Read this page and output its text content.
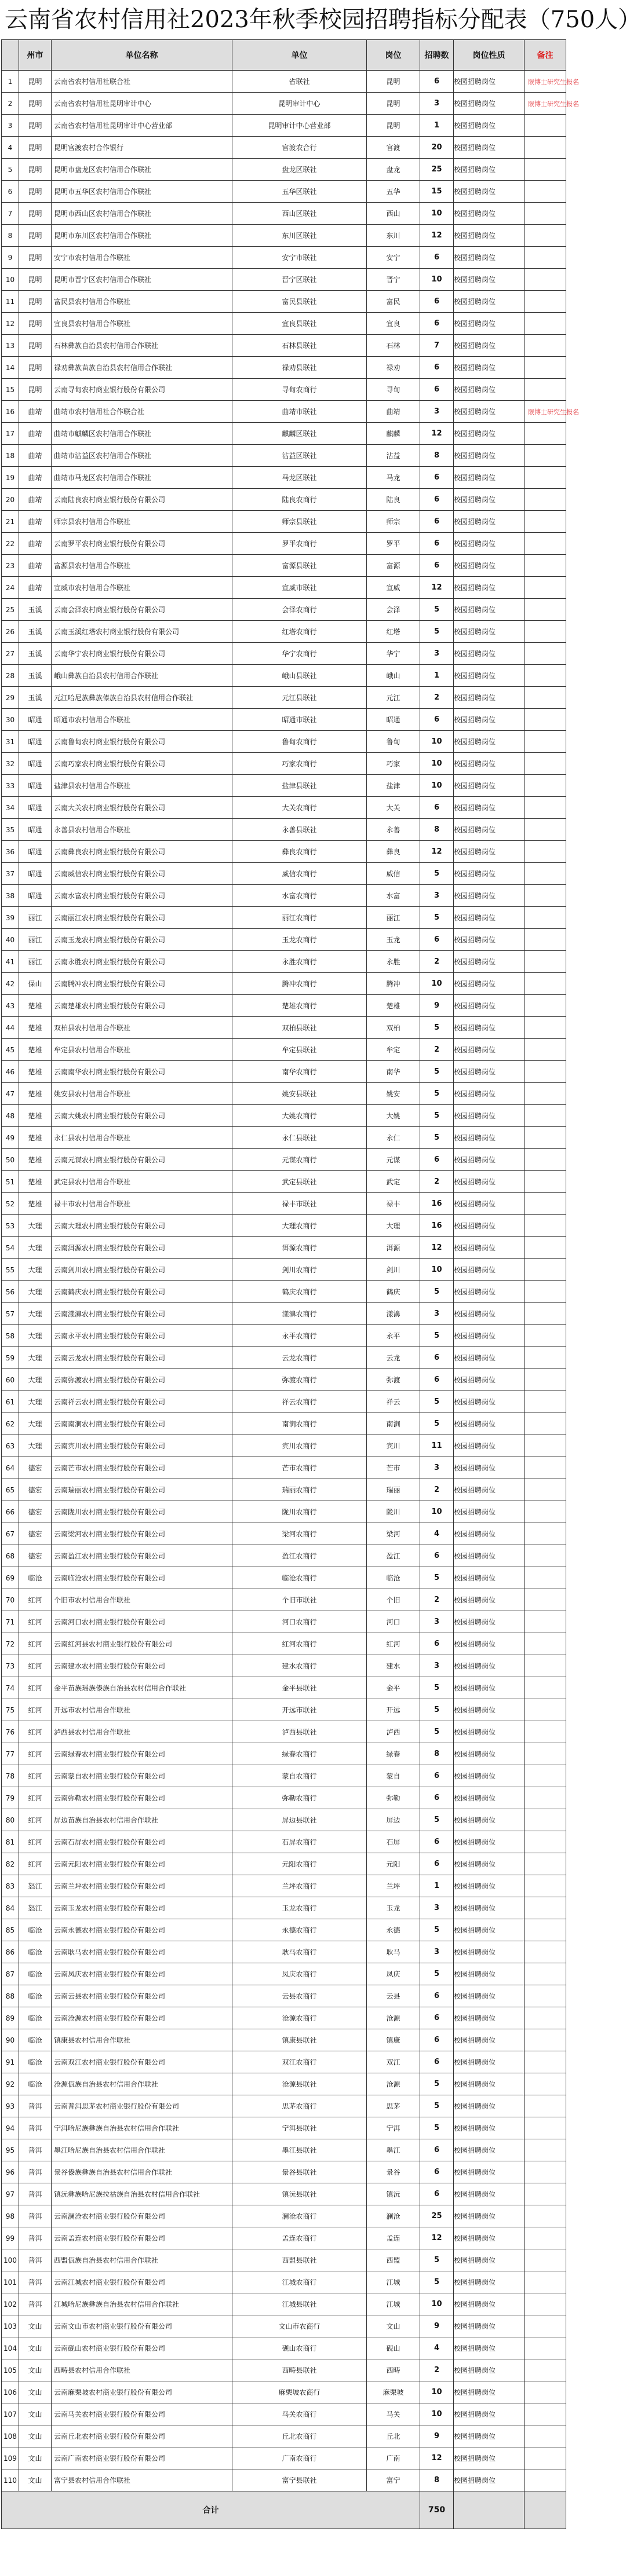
云南省农村信用社2023年秋季校园招聘指标分配表（750人）
	州市	单位名称	单位	岗位	招聘数	岗位性质	备注
1	昆明	云南省农村信用社联合社	省联社	昆明	6	校园招聘岗位	限博士研究生报名
2	昆明	云南省农村信用社昆明审计中心	昆明审计中心	昆明	3	校园招聘岗位	限博士研究生报名
3	昆明	云南省农村信用社昆明审计中心营业部	昆明审计中心营业部	昆明	1	校园招聘岗位	
4	昆明	昆明官渡农村合作银行	官渡农合行	官渡	20	校园招聘岗位	
5	昆明	昆明市盘龙区农村信用合作联社	盘龙区联社	盘龙	25	校园招聘岗位	
6	昆明	昆明市五华区农村信用合作联社	五华区联社	五华	15	校园招聘岗位	
7	昆明	昆明市西山区农村信用合作联社	西山区联社	西山	10	校园招聘岗位	
8	昆明	昆明市东川区农村信用合作联社	东川区联社	东川	12	校园招聘岗位	
9	昆明	安宁市农村信用合作联社	安宁市联社	安宁	6	校园招聘岗位	
10	昆明	昆明市晋宁区农村信用合作联社	晋宁区联社	晋宁	10	校园招聘岗位	
11	昆明	富民县农村信用合作联社	富民县联社	富民	6	校园招聘岗位	
12	昆明	宜良县农村信用合作联社	宜良县联社	宜良	6	校园招聘岗位	
13	昆明	石林彝族自治县农村信用合作联社	石林县联社	石林	7	校园招聘岗位	
14	昆明	禄劝彝族苗族自治县农村信用合作联社	禄劝县联社	禄劝	6	校园招聘岗位	
15	昆明	云南寻甸农村商业银行股份有限公司	寻甸农商行	寻甸	6	校园招聘岗位	
16	曲靖	曲靖市农村信用社合作联合社	曲靖市联社	曲靖	3	校园招聘岗位	限博士研究生报名
17	曲靖	曲靖市麒麟区农村信用合作联社	麒麟区联社	麒麟	12	校园招聘岗位	
18	曲靖	曲靖市沾益区农村信用合作联社	沾益区联社	沾益	8	校园招聘岗位	
19	曲靖	曲靖市马龙区农村信用合作联社	马龙区联社	马龙	6	校园招聘岗位	
20	曲靖	云南陆良农村商业银行股份有限公司	陆良农商行	陆良	6	校园招聘岗位	
21	曲靖	师宗县农村信用合作联社	师宗县联社	师宗	6	校园招聘岗位	
22	曲靖	云南罗平农村商业银行股份有限公司	罗平农商行	罗平	6	校园招聘岗位	
23	曲靖	富源县农村信用合作联社	富源县联社	富源	6	校园招聘岗位	
24	曲靖	宣威市农村信用合作联社	宣威市联社	宣威	12	校园招聘岗位	
25	玉溪	云南会泽农村商业银行股份有限公司	会泽农商行	会泽	5	校园招聘岗位	
26	玉溪	云南玉溪红塔农村商业银行股份有限公司	红塔农商行	红塔	5	校园招聘岗位	
27	玉溪	云南华宁农村商业银行股份有限公司	华宁农商行	华宁	3	校园招聘岗位	
28	玉溪	峨山彝族自治县农村信用合作联社	峨山县联社	峨山	1	校园招聘岗位	
29	玉溪	元江哈尼族彝族傣族自治县农村信用合作联社	元江县联社	元江	2	校园招聘岗位	
30	昭通	昭通市农村信用合作联社	昭通市联社	昭通	6	校园招聘岗位	
31	昭通	云南鲁甸农村商业银行股份有限公司	鲁甸农商行	鲁甸	10	校园招聘岗位	
32	昭通	云南巧家农村商业银行股份有限公司	巧家农商行	巧家	10	校园招聘岗位	
33	昭通	盐津县农村信用合作联社	盐津县联社	盐津	10	校园招聘岗位	
34	昭通	云南大关农村商业银行股份有限公司	大关农商行	大关	6	校园招聘岗位	
35	昭通	永善县农村信用合作联社	永善县联社	永善	8	校园招聘岗位	
36	昭通	云南彝良农村商业银行股份有限公司	彝良农商行	彝良	12	校园招聘岗位	
37	昭通	云南威信农村商业银行股份有限公司	威信农商行	威信	5	校园招聘岗位	
38	昭通	云南水富农村商业银行股份有限公司	水富农商行	水富	3	校园招聘岗位	
39	丽江	云南丽江农村商业银行股份有限公司	丽江农商行	丽江	5	校园招聘岗位	
40	丽江	云南玉龙农村商业银行股份有限公司	玉龙农商行	玉龙	6	校园招聘岗位	
41	丽江	云南永胜农村商业银行股份有限公司	永胜农商行	永胜	2	校园招聘岗位	
42	保山	云南腾冲农村商业银行股份有限公司	腾冲农商行	腾冲	10	校园招聘岗位	
43	楚雄	云南楚雄农村商业银行股份有限公司	楚雄农商行	楚雄	9	校园招聘岗位	
44	楚雄	双柏县农村信用合作联社	双柏县联社	双柏	5	校园招聘岗位	
45	楚雄	牟定县农村信用合作联社	牟定县联社	牟定	2	校园招聘岗位	
46	楚雄	云南南华农村商业银行股份有限公司	南华农商行	南华	5	校园招聘岗位	
47	楚雄	姚安县农村信用合作联社	姚安县联社	姚安	5	校园招聘岗位	
48	楚雄	云南大姚农村商业银行股份有限公司	大姚农商行	大姚	5	校园招聘岗位	
49	楚雄	永仁县农村信用合作联社	永仁县联社	永仁	5	校园招聘岗位	
50	楚雄	云南元谋农村商业银行股份有限公司	元谋农商行	元谋	6	校园招聘岗位	
51	楚雄	武定县农村信用合作联社	武定县联社	武定	2	校园招聘岗位	
52	楚雄	禄丰市农村信用合作联社	禄丰市联社	禄丰	16	校园招聘岗位	
53	大理	云南大理农村商业银行股份有限公司	大理农商行	大理	16	校园招聘岗位	
54	大理	云南洱源农村商业银行股份有限公司	洱源农商行	洱源	12	校园招聘岗位	
55	大理	云南剑川农村商业银行股份有限公司	剑川农商行	剑川	10	校园招聘岗位	
56	大理	云南鹤庆农村商业银行股份有限公司	鹤庆农商行	鹤庆	5	校园招聘岗位	
57	大理	云南漾濞农村商业银行股份有限公司	漾濞农商行	漾濞	3	校园招聘岗位	
58	大理	云南永平农村商业银行股份有限公司	永平农商行	永平	5	校园招聘岗位	
59	大理	云南云龙农村商业银行股份有限公司	云龙农商行	云龙	6	校园招聘岗位	
60	大理	云南弥渡农村商业银行股份有限公司	弥渡农商行	弥渡	6	校园招聘岗位	
61	大理	云南祥云农村商业银行股份有限公司	祥云农商行	祥云	5	校园招聘岗位	
62	大理	云南南涧农村商业银行股份有限公司	南涧农商行	南涧	5	校园招聘岗位	
63	大理	云南宾川农村商业银行股份有限公司	宾川农商行	宾川	11	校园招聘岗位	
64	德宏	云南芒市农村商业银行股份有限公司	芒市农商行	芒市	3	校园招聘岗位	
65	德宏	云南瑞丽农村商业银行股份有限公司	瑞丽农商行	瑞丽	2	校园招聘岗位	
66	德宏	云南陇川农村商业银行股份有限公司	陇川农商行	陇川	10	校园招聘岗位	
67	德宏	云南梁河农村商业银行股份有限公司	梁河农商行	梁河	4	校园招聘岗位	
68	德宏	云南盈江农村商业银行股份有限公司	盈江农商行	盈江	6	校园招聘岗位	
69	临沧	云南临沧农村商业银行股份有限公司	临沧农商行	临沧	5	校园招聘岗位	
70	红河	个旧市农村信用合作联社	个旧市联社	个旧	2	校园招聘岗位	
71	红河	云南河口农村商业银行股份有限公司	河口农商行	河口	3	校园招聘岗位	
72	红河	云南红河县农村商业银行股份有限公司	红河农商行	红河	6	校园招聘岗位	
73	红河	云南建水农村商业银行股份有限公司	建水农商行	建水	3	校园招聘岗位	
74	红河	金平苗族瑶族傣族自治县农村信用合作联社	金平县联社	金平	5	校园招聘岗位	
75	红河	开远市农村信用合作联社	开远市联社	开远	5	校园招聘岗位	
76	红河	泸西县农村信用合作联社	泸西县联社	泸西	5	校园招聘岗位	
77	红河	云南绿春农村商业银行股份有限公司	绿春农商行	绿春	8	校园招聘岗位	
78	红河	云南蒙自农村商业银行股份有限公司	蒙自农商行	蒙自	6	校园招聘岗位	
79	红河	云南弥勒农村商业银行股份有限公司	弥勒农商行	弥勒	6	校园招聘岗位	
80	红河	屏边苗族自治县农村信用合作联社	屏边县联社	屏边	5	校园招聘岗位	
81	红河	云南石屏农村商业银行股份有限公司	石屏农商行	石屏	6	校园招聘岗位	
82	红河	云南元阳农村商业银行股份有限公司	元阳农商行	元阳	6	校园招聘岗位	
83	怒江	云南兰坪农村商业银行股份有限公司	兰坪农商行	兰坪	1	校园招聘岗位	
84	怒江	云南玉龙农村商业银行股份有限公司	玉龙农商行	玉龙	3	校园招聘岗位	
85	临沧	云南永德农村商业银行股份有限公司	永德农商行	永德	5	校园招聘岗位	
86	临沧	云南耿马农村商业银行股份有限公司	耿马农商行	耿马	3	校园招聘岗位	
87	临沧	云南凤庆农村商业银行股份有限公司	凤庆农商行	凤庆	5	校园招聘岗位	
88	临沧	云南云县农村商业银行股份有限公司	云县农商行	云县	6	校园招聘岗位	
89	临沧	云南沧源农村商业银行股份有限公司	沧源农商行	沧源	6	校园招聘岗位	
90	临沧	镇康县农村信用合作联社	镇康县联社	镇康	6	校园招聘岗位	
91	临沧	云南双江农村商业银行股份有限公司	双江农商行	双江	6	校园招聘岗位	
92	临沧	沧源佤族自治县农村信用合作联社	沧源县联社	沧源	5	校园招聘岗位	
93	普洱	云南普洱思茅农村商业银行股份有限公司	思茅农商行	思茅	5	校园招聘岗位	
94	普洱	宁洱哈尼族彝族自治县农村信用合作联社	宁洱县联社	宁洱	5	校园招聘岗位	
95	普洱	墨江哈尼族自治县农村信用合作联社	墨江县联社	墨江	6	校园招聘岗位	
96	普洱	景谷傣族彝族自治县农村信用合作联社	景谷县联社	景谷	6	校园招聘岗位	
97	普洱	镇沅彝族哈尼族拉祜族自治县农村信用合作联社	镇沅县联社	镇沅	6	校园招聘岗位	
98	普洱	云南澜沧农村商业银行股份有限公司	澜沧农商行	澜沧	25	校园招聘岗位	
99	普洱	云南孟连农村商业银行股份有限公司	孟连农商行	孟连	12	校园招聘岗位	
100	普洱	西盟佤族自治县农村信用合作联社	西盟县联社	西盟	5	校园招聘岗位	
101	普洱	云南江城农村商业银行股份有限公司	江城农商行	江城	5	校园招聘岗位	
102	普洱	江城哈尼族彝族自治县农村信用合作联社	江城县联社	江城	10	校园招聘岗位	
103	文山	云南文山市农村商业银行股份有限公司	文山市农商行	文山	9	校园招聘岗位	
104	文山	云南砚山农村商业银行股份有限公司	砚山农商行	砚山	4	校园招聘岗位	
105	文山	西畴县农村信用合作联社	西畴县联社	西畴	2	校园招聘岗位	
106	文山	云南麻栗坡农村商业银行股份有限公司	麻栗坡农商行	麻栗坡	10	校园招聘岗位	
107	文山	云南马关农村商业银行股份有限公司	马关农商行	马关	10	校园招聘岗位	
108	文山	云南丘北农村商业银行股份有限公司	丘北农商行	丘北	9	校园招聘岗位	
109	文山	云南广南农村商业银行股份有限公司	广南农商行	广南	12	校园招聘岗位	
110	文山	富宁县农村信用合作联社	富宁县联社	富宁	8	校园招聘岗位	
合计					750		
